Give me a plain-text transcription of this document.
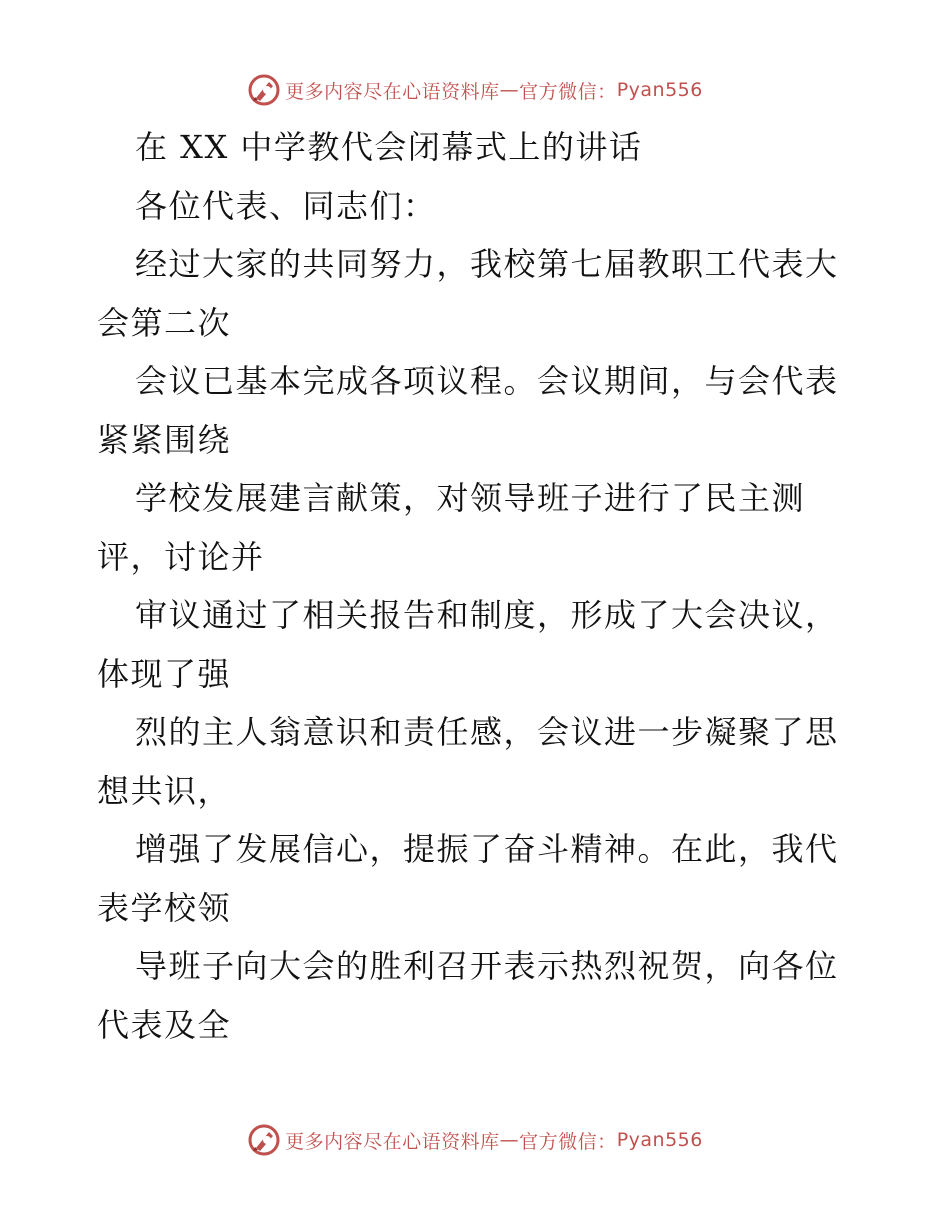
更多内容尽在心语资料库 — 官方微信： Pyan556
在 XX 中学教代会闭幕式上的讲话
各位代表、同志们：
经过大家的共同努力，我校第七届教职工代表大
会第二次
会议已基本完成各项议程。会议期间，与会代表
紧紧围绕
学校发展建言献策，对领导班子进行了民主测
评，讨论并
审议通过了相关报告和制度，形成了大会决议，
体现了强
烈的主人翁意识和责任感，会议进一步凝聚了思
想共识，
增强了发展信心，提振了奋斗精神。在此，我代
表学校领
导班子向大会的胜利召开表示热烈祝贺，向各位
代表及全
更多内容尽在心语资料库 — 官方微信： Pyan556
